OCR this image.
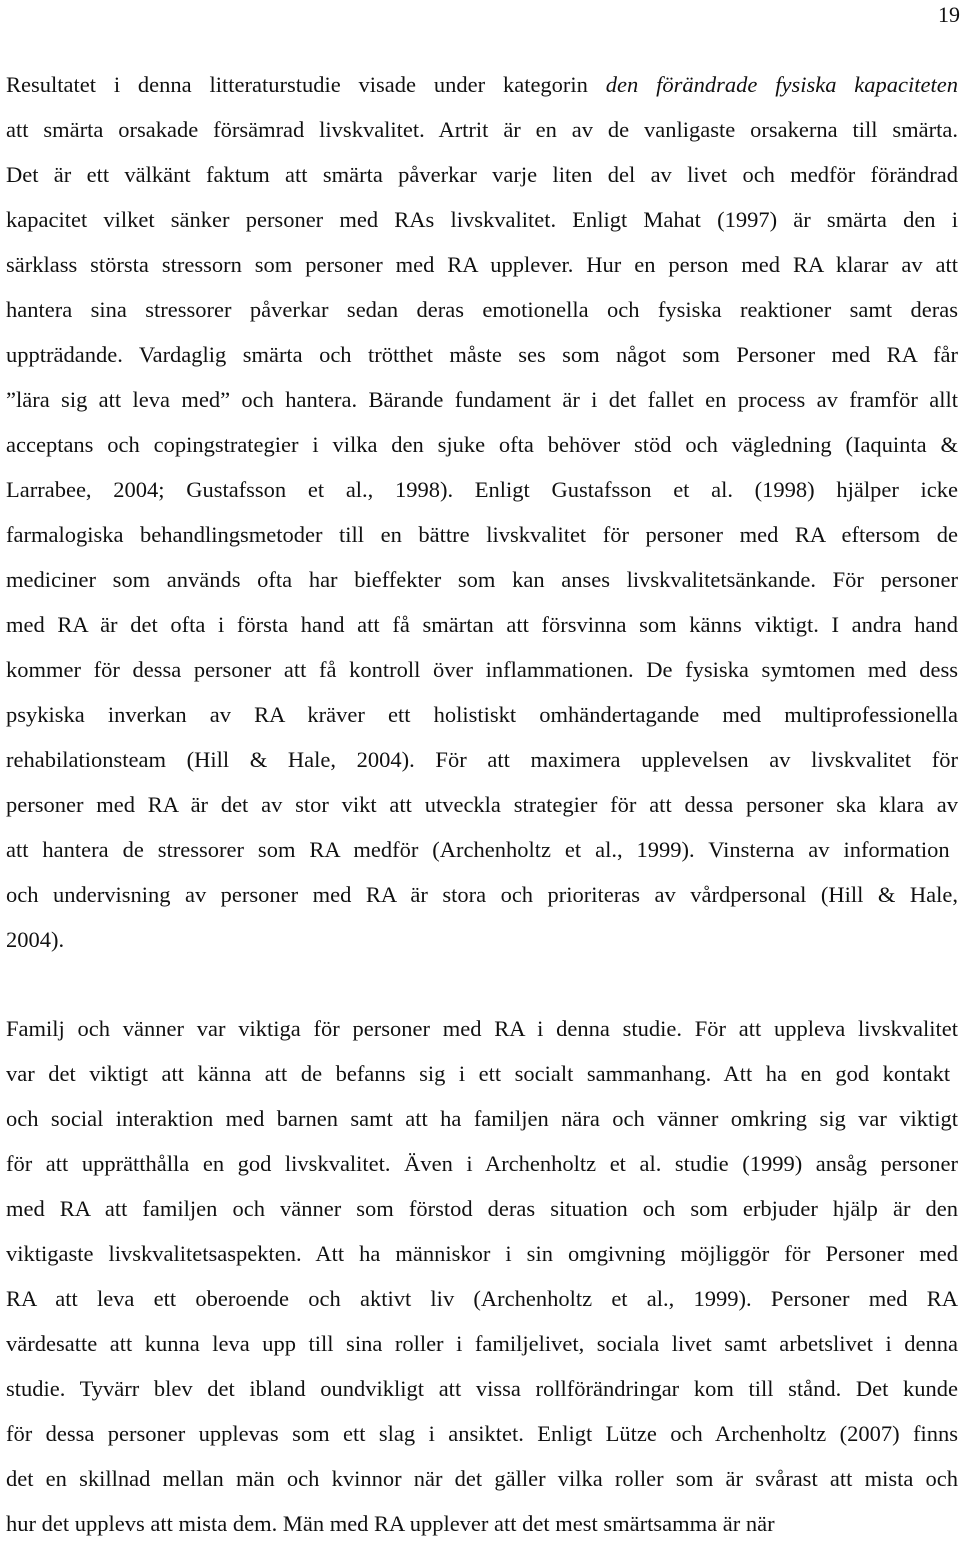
19
Resultatet i denna litteraturstudie visade under kategorin den förändrade fysiska kapaciteten
att smärta orsakade försämrad livskvalitet. Artrit är en av de vanligaste orsakerna till smärta.
Det är ett välkänt faktum att smärta påverkar varje liten del av livet och medför förändrad
kapacitet vilket sänker personer med RAs livskvalitet. Enligt Mahat (1997) är smärta den i
särklass största stressorn som personer med RA upplever. Hur en person med RA klarar av att
hantera sina stressorer påverkar sedan deras emotionella och fysiska reaktioner samt deras
uppträdande. Vardaglig smärta och trötthet måste ses som något som Personer med RA får
”lära sig att leva med” och hantera. Bärande fundament är i det fallet en process av framför allt
acceptans och copingstrategier i vilka den sjuke ofta behöver stöd och vägledning (Iaquinta &
Larrabee, 2004; Gustafsson et al., 1998). Enligt Gustafsson et al. (1998) hjälper icke
farmalogiska behandlingsmetoder till en bättre livskvalitet för personer med RA eftersom de
mediciner som används ofta har bieffekter som kan anses livskvalitetsänkande. För personer
med RA är det ofta i första hand att få smärtan att försvinna som känns viktigt. I andra hand
kommer för dessa personer att få kontroll över inflammationen. De fysiska symtomen med dess
psykiska inverkan av RA kräver ett holistiskt omhändertagande med multiprofessionella
rehabilationsteam (Hill & Hale, 2004). För att maximera upplevelsen av livskvalitet för
personer med RA är det av stor vikt att utveckla strategier för att dessa personer ska klara av
att hantera de stressorer som RA medför (Archenholtz et al., 1999). Vinsterna av information
och undervisning av personer med RA är stora och prioriteras av vårdpersonal (Hill & Hale,
2004).
Familj och vänner var viktiga för personer med RA i denna studie. För att uppleva livskvalitet
var det viktigt att känna att de befanns sig i ett socialt sammanhang. Att ha en god kontakt
och social interaktion med barnen samt att ha familjen nära och vänner omkring sig var viktigt
för att upprätthålla en god livskvalitet. Även i Archenholtz et al. studie (1999) ansåg personer
med RA att familjen och vänner som förstod deras situation och som erbjuder hjälp är den
viktigaste livskvalitetsaspekten. Att ha människor i sin omgivning möjliggör för Personer med
RA att leva ett oberoende och aktivt liv (Archenholtz et al., 1999). Personer med RA
värdesatte att kunna leva upp till sina roller i familjelivet, sociala livet samt arbetslivet i denna
studie. Tyvärr blev det ibland oundvikligt att vissa rollförändringar kom till stånd. Det kunde
för dessa personer upplevas som ett slag i ansiktet. Enligt Lütze och Archenholtz (2007) finns
det en skillnad mellan män och kvinnor när det gäller vilka roller som är svårast att mista och
hur det upplevs att mista dem. Män med RA upplever att det mest smärtsamma är när
